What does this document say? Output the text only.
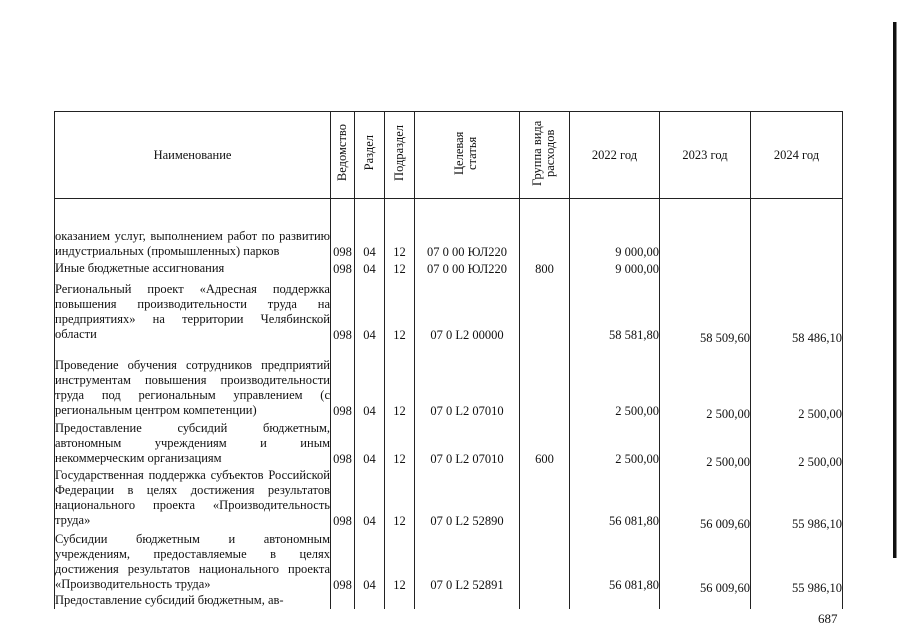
Наименование	Ведомство	Раздел	Подраздел	Целевая статья	Группа вида расходов	2022 год	2023 год	2024 год
оказанием услуг, выполнением работ по развитию индустриальных (промышленных) парков	098	04	12	07 0 00 ЮЛ220		9 000,00		
Иные бюджетные ассигнования	098	04	12	07 0 00 ЮЛ220	800	9 000,00		
Региональный проект «Адресная поддержка повышения производительности труда на предприятиях» на территории Челябинской области	098	04	12	07 0 L2 00000		58 581,80	58 509,60	58 486,10
Проведение обучения сотрудников предприятий инструментам повышения производительности труда под региональным управлением (с региональным центром компетенции)	098	04	12	07 0 L2 07010		2 500,00	2 500,00	2 500,00
Предоставление субсидий бюджетным, автономным учреждениям и иным некоммерческим организациям	098	04	12	07 0 L2 07010	600	2 500,00	2 500,00	2 500,00
Государственная поддержка субъектов Российской Федерации в целях достижения результатов национального проекта «Производительность труда»	098	04	12	07 0 L2 52890		56 081,80	56 009,60	55 986,10
Субсидии бюджетным и автономным учреждениям, предоставляемые в целях достижения результатов национального проекта «Производительность труда»	098	04	12	07 0 L2 52891		56 081,80	56 009,60	55 986,10
Предоставление субсидий бюджетным, ав-								
687
